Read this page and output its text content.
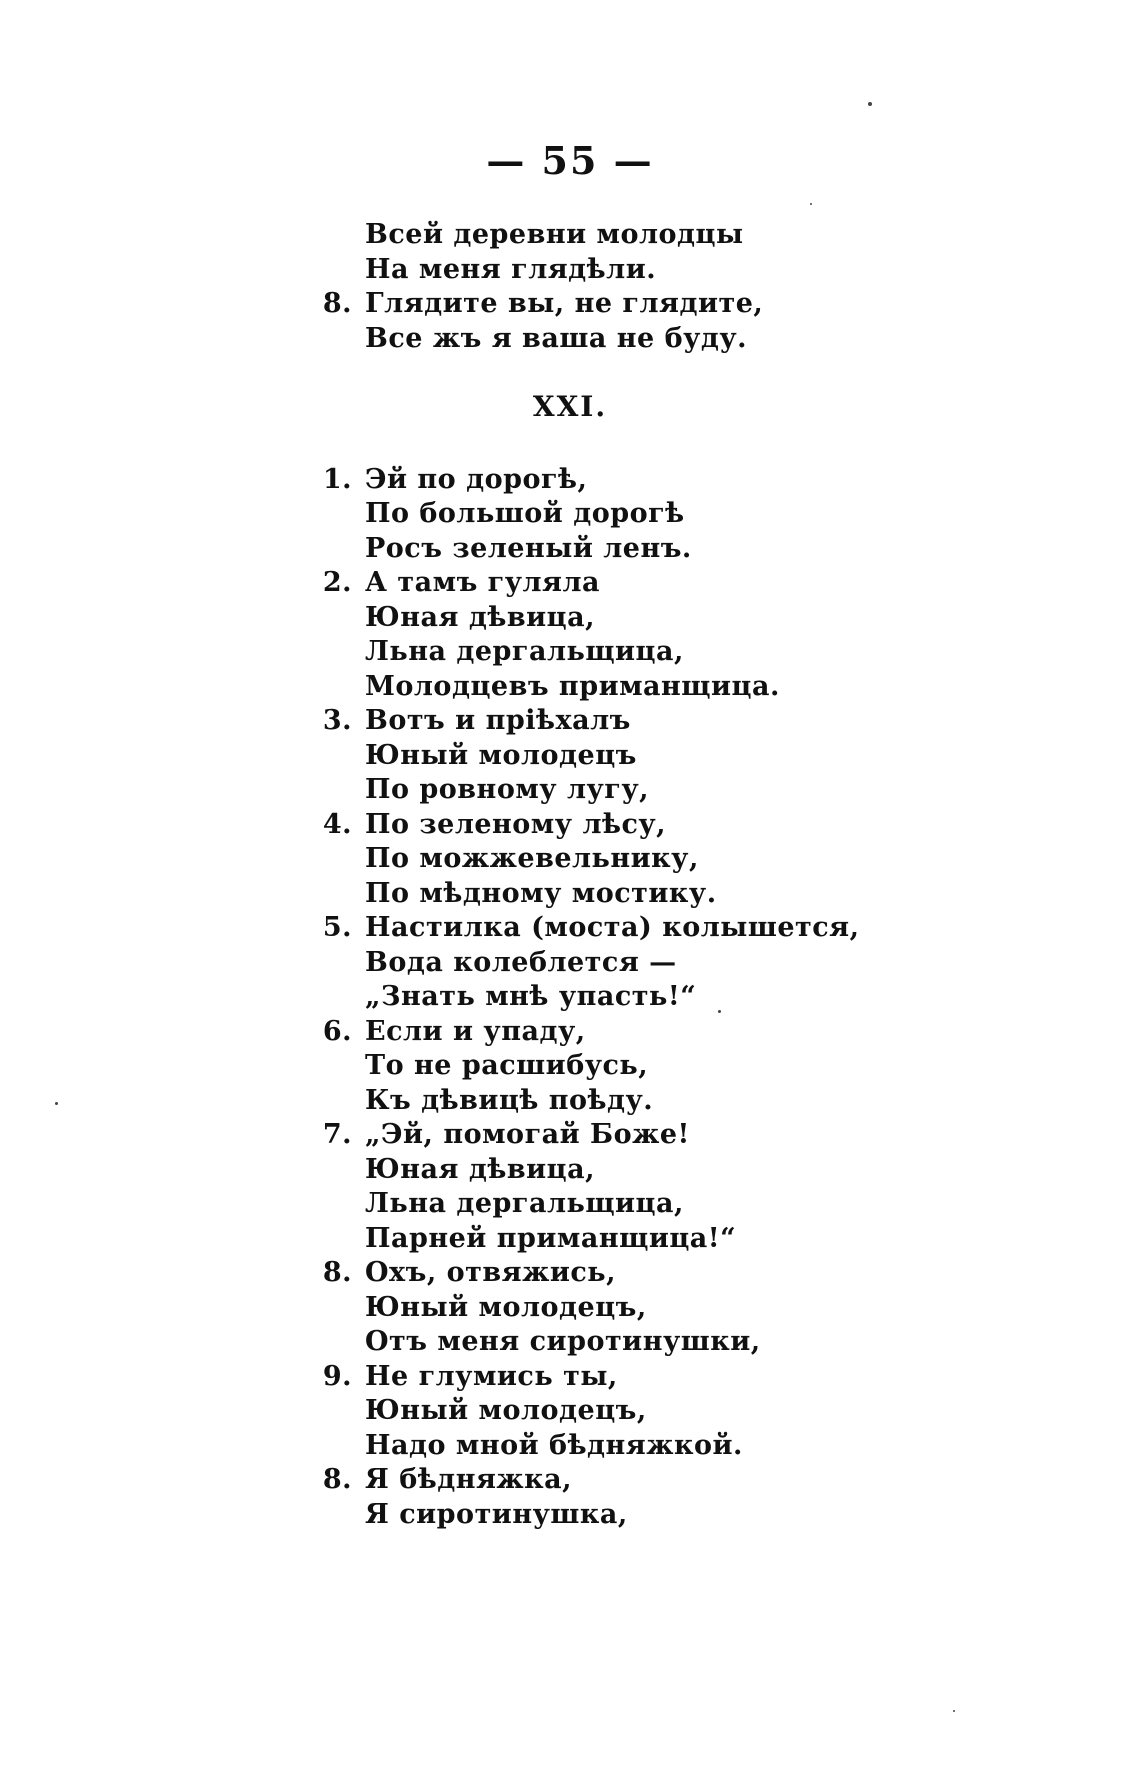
— 55 —
Всей деревни молодцы
На меня глядѣли.
8. Глядите вы, не глядите,
Все жъ я ваша не буду.
XXI.
1. Эй по дорогѣ,
По большой дорогѣ
Росъ зеленый ленъ.
2. А тамъ гуляла
Юная дѣвица,
Льна дергальщица,
Молодцевъ приманщица.
3. Вотъ и пріѣхалъ
Юный молодецъ
По ровному лугу,
4. По зеленому лѣсу,
По можжевельнику,
По мѣдному мостику.
5. Настилка (моста) колышется,
Вода колеблется —
„Знать мнѣ упасть!“
6. Если и упаду,
То не расшибусь,
Къ дѣвицѣ поѣду.
7. „Эй, помогай Боже!
Юная дѣвица,
Льна дергальщица,
Парней приманщица!“
8. Охъ, отвяжись,
Юный молодецъ,
Отъ меня сиротинушки,
9. Не глумись ты,
Юный молодецъ,
Надо мной бѣдняжкой.
8. Я бѣдняжка,
Я сиротинушка,
